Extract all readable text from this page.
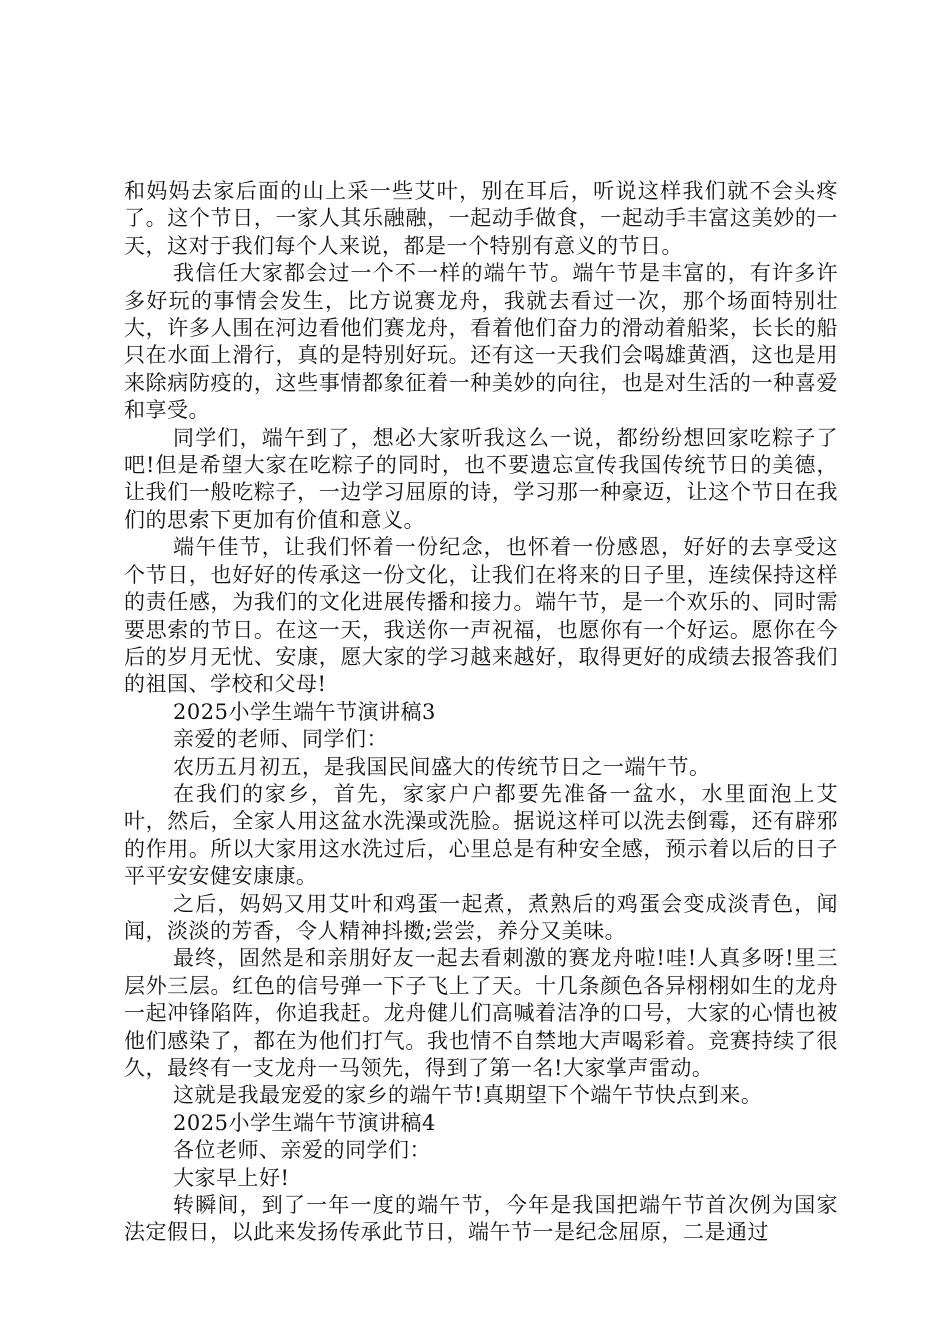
和妈妈去家后面的山上采一些艾叶，别在耳后，听说这样我们就不会头疼了。这个节日，一家人其乐融融，一起动手做食，一起动手丰富这美妙的一天，这对于我们每个人来说，都是一个特别有意义的节日。

我信任大家都会过一个不一样的端午节。端午节是丰富的，有许多许多好玩的事情会发生，比方说赛龙舟，我就去看过一次，那个场面特别壮大，许多人围在河边看他们赛龙舟，看着他们奋力的滑动着船桨，长长的船只在水面上滑行，真的是特别好玩。还有这一天我们会喝雄黄酒，这也是用来除病防疫的，这些事情都象征着一种美妙的向往，也是对生活的一种喜爱和享受。

同学们，端午到了，想必大家听我这么一说，都纷纷想回家吃粽子了吧!但是希望大家在吃粽子的同时，也不要遗忘宣传我国传统节日的美德，让我们一般吃粽子，一边学习屈原的诗，学习那一种豪迈，让这个节日在我们的思索下更加有价值和意义。

端午佳节，让我们怀着一份纪念，也怀着一份感恩，好好的去享受这个节日，也好好的传承这一份文化，让我们在将来的日子里，连续保持这样的责任感，为我们的文化进展传播和接力。端午节，是一个欢乐的、同时需要思索的节日。在这一天，我送你一声祝福，也愿你有一个好运。愿你在今后的岁月无忧、安康，愿大家的学习越来越好，取得更好的成绩去报答我们的祖国、学校和父母!

2025小学生端午节演讲稿3

亲爱的老师、同学们：

农历五月初五，是我国民间盛大的传统节日之一端午节。

在我们的家乡，首先，家家户户都要先准备一盆水，水里面泡上艾叶，然后，全家人用这盆水洗澡或洗脸。据说这样可以洗去倒霉，还有辟邪的作用。所以大家用这水洗过后，心里总是有种安全感，预示着以后的日子平平安安健安康康。

之后，妈妈又用艾叶和鸡蛋一起煮，煮熟后的鸡蛋会变成淡青色，闻闻，淡淡的芳香，令人精神抖擞;尝尝，养分又美味。

最终，固然是和亲朋好友一起去看刺激的赛龙舟啦!哇!人真多呀!里三层外三层。红色的信号弹一下子飞上了天。十几条颜色各异栩栩如生的龙舟一起冲锋陷阵，你追我赶。龙舟健儿们高喊着洁净的口号，大家的心情也被他们感染了，都在为他们打气。我也情不自禁地大声喝彩着。竞赛持续了很久，最终有一支龙舟一马领先，得到了第一名!大家掌声雷动。

这就是我最宠爱的家乡的端午节!真期望下个端午节快点到来。

2025小学生端午节演讲稿4

各位老师、亲爱的同学们：

大家早上好!

转瞬间，到了一年一度的端午节，今年是我国把端午节首次例为国家法定假日，以此来发扬传承此节日，端午节一是纪念屈原，二是通过
